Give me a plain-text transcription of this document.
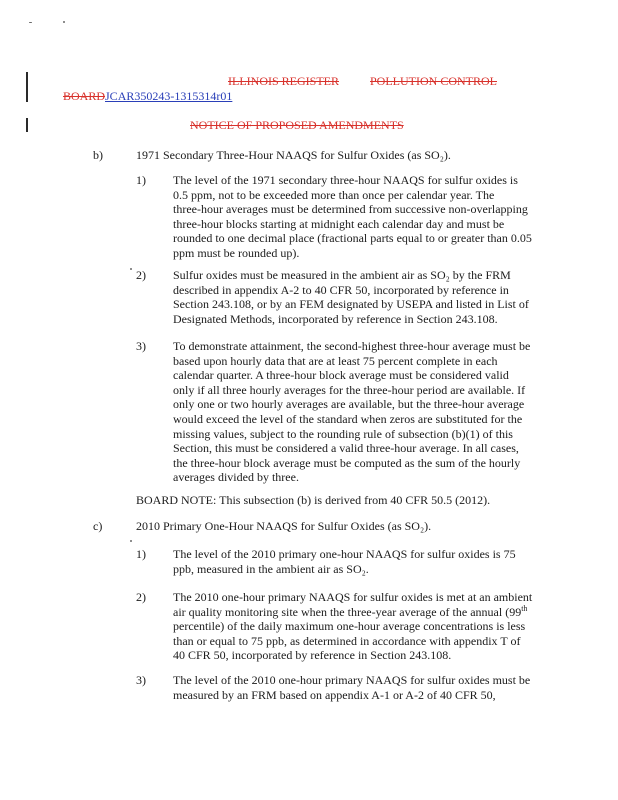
ILLINOIS REGISTER	POLLUTION CONTROL
BOARDJCAR350243-1315314r01
NOTICE OF PROPOSED AMENDMENTS
b)	1971 Secondary Three-Hour NAAQS for Sulfur Oxides (as SO₂).
1) The level of the 1971 secondary three-hour NAAQS for sulfur oxides is
0.5 ppm, not to be exceeded more than once per calendar year. The
three-hour averages must be determined from successive non-overlapping
three-hour blocks starting at midnight each calendar day and must be
rounded to one decimal place (fractional parts equal to or greater than 0.05
ppm must be rounded up).
2) Sulfur oxides must be measured in the ambient air as SO₂ by the FRM
described in appendix A-2 to 40 CFR 50, incorporated by reference in
Section 243.108, or by an FEM designated by USEPA and listed in List of
Designated Methods, incorporated by reference in Section 243.108.
3) To demonstrate attainment, the second-highest three-hour average must be
based upon hourly data that are at least 75 percent complete in each
calendar quarter. A three-hour block average must be considered valid
only if all three hourly averages for the three-hour period are available. If
only one or two hourly averages are available, but the three-hour average
would exceed the level of the standard when zeros are substituted for the
missing values, subject to the rounding rule of subsection (b)(1) of this
Section, this must be considered a valid three-hour average. In all cases,
the three-hour block average must be computed as the sum of the hourly
averages divided by three.
BOARD NOTE: This subsection (b) is derived from 40 CFR 50.5 (2012).
c)	2010 Primary One-Hour NAAQS for Sulfur Oxides (as SO₂).
1) The level of the 2010 primary one-hour NAAQS for sulfur oxides is 75
ppb, measured in the ambient air as SO₂.
2) The 2010 one-hour primary NAAQS for sulfur oxides is met at an ambient
air quality monitoring site when the three-year average of the annual (99th
percentile) of the daily maximum one-hour average concentrations is less
than or equal to 75 ppb, as determined in accordance with appendix T of
40 CFR 50, incorporated by reference in Section 243.108.
3) The level of the 2010 one-hour primary NAAQS for sulfur oxides must be
measured by an FRM based on appendix A-1 or A-2 of 40 CFR 50,
